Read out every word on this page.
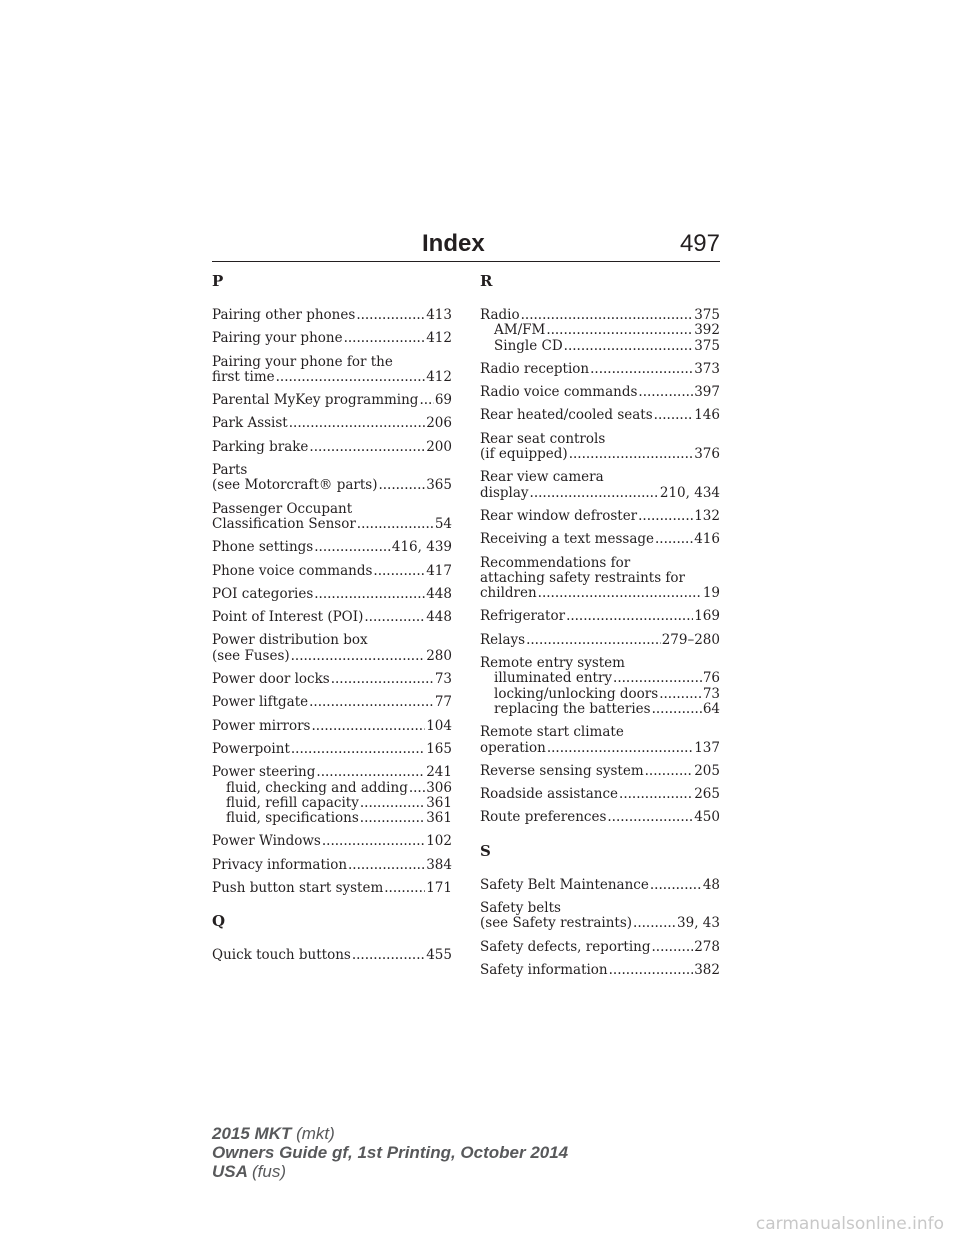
Index	497
P
Pairing other phones .....	413
Pairing your phone .....	412
Pairing your phone for the
first time .....	412
Parental MyKey programming ..... 69
Park Assist .....	206
Parking brake .....	200
Parts
(see Motorcraft® parts) .....	365
Passenger Occupant
Classification Sensor .....	54
Phone settings .....	416, 439
Phone voice commands .....	417
POI categories .....	448
Point of Interest (POI) .....	448
Power distribution box
(see Fuses) .....	280
Power door locks .....	73
Power liftgate .....	77
Power mirrors .....	104
Powerpoint .....	165
Power steering .....	241
fluid, checking and adding ..... 306
fluid, refill capacity .....	361
fluid, specifications .....	361
Power Windows .....	102
Privacy information .....	384
Push button start system .....	171
Q
Quick touch buttons .....	455
R
Radio .....	375
AM/FM .....	392
Single CD .....	375
Radio reception .....	373
Radio voice commands .....	397
Rear heated/cooled seats .....	146
Rear seat controls
(if equipped) .....	376
Rear view camera
display .....	210, 434
Rear window defroster .....	132
Receiving a text message .....	416
Recommendations for
attaching safety restraints for
children .....	19
Refrigerator .....	169
Relays .....	279–280
Remote entry system
illuminated entry .....	76
locking/unlocking doors .....	73
replacing the batteries .....	64
Remote start climate
operation .....	137
Reverse sensing system .....	205
Roadside assistance .....	265
Route preferences .....	450
S
Safety Belt Maintenance .....	48
Safety belts
(see Safety restraints) .....	39, 43
Safety defects, reporting .....	278
Safety information .....	382
2015 MKT (mkt)
Owners Guide gf, 1st Printing, October 2014
USA (fus)
carmanualsonline.info
